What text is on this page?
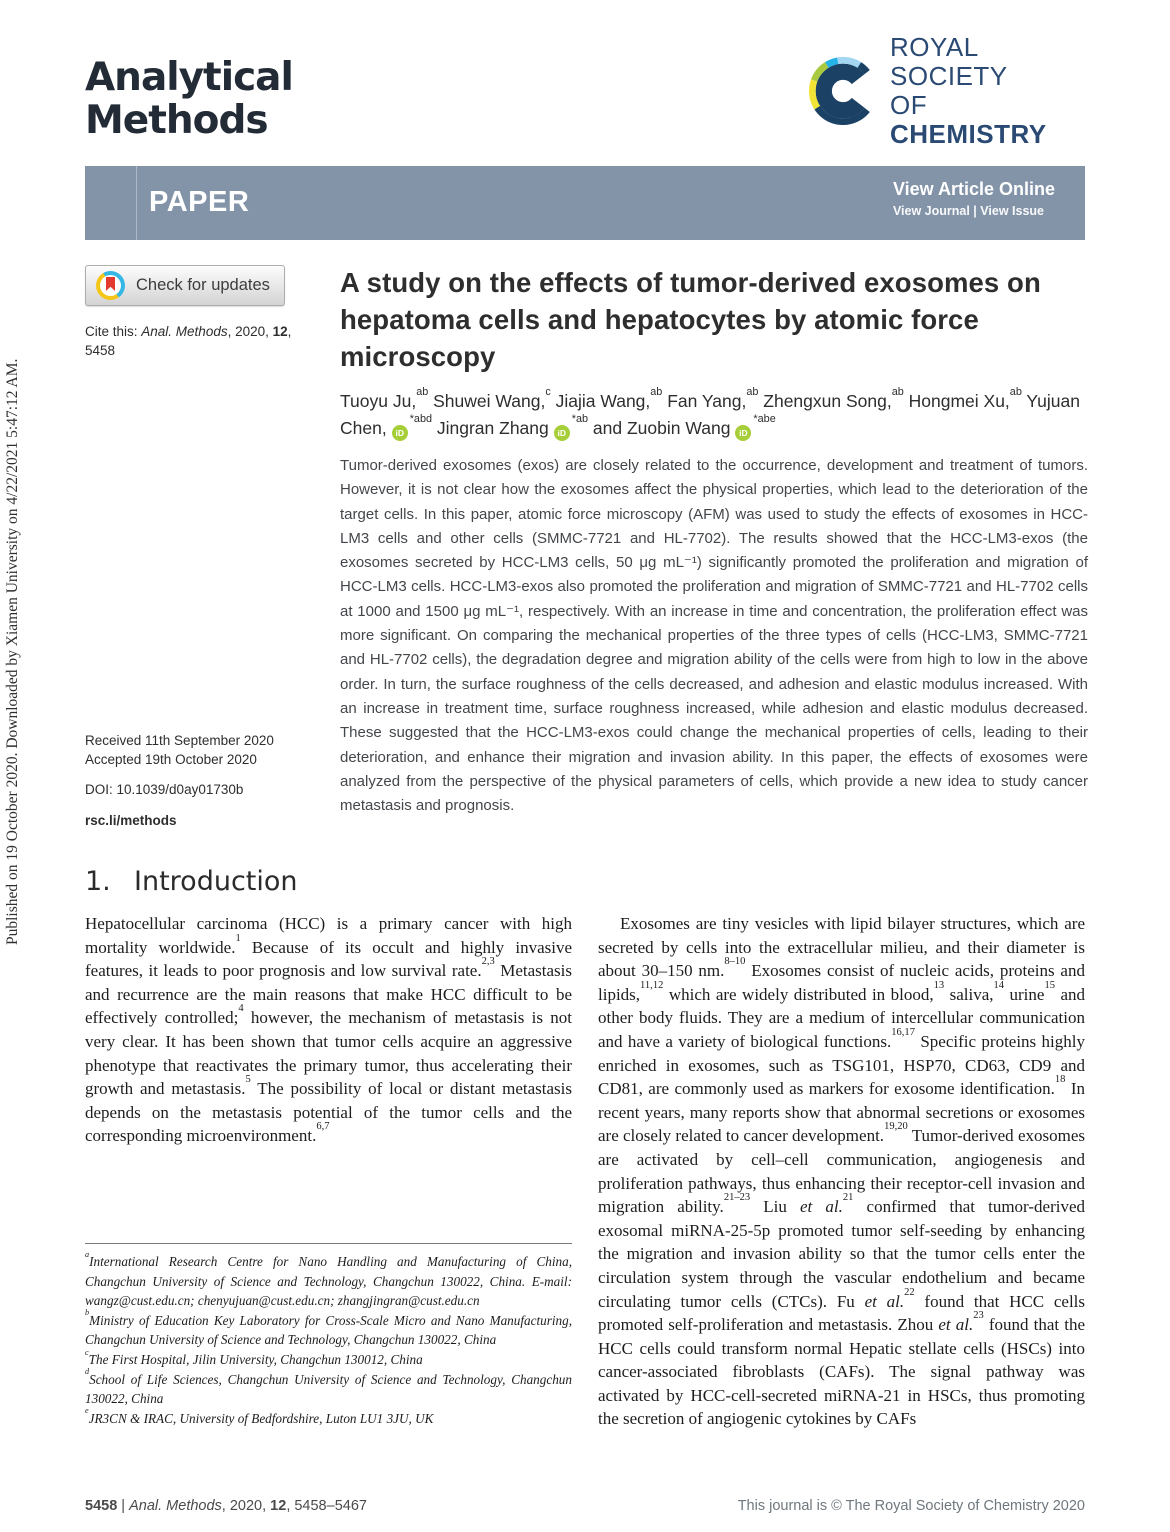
Published on 19 October 2020. Downloaded by Xiamen University on 4/22/2021 5:47:12 AM.
Analytical
Methods
ROYAL SOCIETY
OF CHEMISTRY
PAPER	View Article Online
View Journal | View Issue
Check for updates
Cite this: Anal. Methods, 2020, 12, 5458
A study on the effects of tumor-derived exosomes on hepatoma cells and hepatocytes by atomic force microscopy
Tuoyu Ju,$^{ab}$ Shuwei Wang,$^c$ Jiajia Wang,$^{ab}$ Fan Yang,$^{ab}$ Zhengxun Song,$^{ab}$ Hongmei Xu,$^{ab}$ Yujuan Chen, $iD^{*abd}$ Jingran Zhang $iD^{*ab}$ and Zuobin Wang $iD^{*abe}$
Tumor-derived exosomes (exos) are closely related to the occurrence, development and treatment of tumors. However, it is not clear how the exosomes affect the physical properties, which lead to the deterioration of the target cells. In this paper, atomic force microscopy (AFM) was used to study the effects of exosomes in HCC-LM3 cells and other cells (SMMC-7721 and HL-7702). The results showed that the HCC-LM3-exos (the exosomes secreted by HCC-LM3 cells, 50 μg mL⁻¹) significantly promoted the proliferation and migration of HCC-LM3 cells. HCC-LM3-exos also promoted the proliferation and migration of SMMC-7721 and HL-7702 cells at 1000 and 1500 μg mL⁻¹, respectively. With an increase in time and concentration, the proliferation effect was more significant. On comparing the mechanical properties of the three types of cells (HCC-LM3, SMMC-7721 and HL-7702 cells), the degradation degree and migration ability of the cells were from high to low in the above order. In turn, the surface roughness of the cells decreased, and adhesion and elastic modulus increased. With an increase in treatment time, surface roughness increased, while adhesion and elastic modulus decreased. These suggested that the HCC-LM3-exos could change the mechanical properties of cells, leading to their deterioration, and enhance their migration and invasion ability. In this paper, the effects of exosomes were analyzed from the perspective of the physical parameters of cells, which provide a new idea to study cancer metastasis and prognosis.
Received 11th September 2020
Accepted 19th October 2020
DOI: 10.1039/d0ay01730b
rsc.li/methods
1. Introduction

Hepatocellular carcinoma (HCC) is a primary cancer with high mortality worldwide.$^1$ Because of its occult and highly invasive features, it leads to poor prognosis and low survival rate.$^{2,3}$ Metastasis and recurrence are the main reasons that make HCC difficult to be effectively controlled;$^4$ however, the mechanism of metastasis is not very clear. It has been shown that tumor cells acquire an aggressive phenotype that reactivates the primary tumor, thus accelerating their growth and metastasis.$^5$ The possibility of local or distant metastasis depends on the metastasis potential of the tumor cells and the corresponding microenvironment.$^{6,7}$

Exosomes are tiny vesicles with lipid bilayer structures, which are secreted by cells into the extracellular milieu, and their diameter is about 30–150 nm.$^{8-10}$ Exosomes consist of nucleic acids, proteins and lipids,$^{11,12}$ which are widely distributed in blood,$^{13}$ saliva,$^{14}$ urine$^{15}$ and other body fluids. They are a medium of intercellular communication and have a variety of biological functions.$^{16,17}$ Specific proteins highly enriched in exosomes, such as TSG101, HSP70, CD63, CD9 and CD81, are commonly used as markers for exosome identification.$^{18}$ In recent years, many reports show that abnormal secretions or exosomes are closely related to cancer development.$^{19,20}$ Tumor-derived exosomes are activated by cell–cell communication, angiogenesis and proliferation pathways, thus enhancing their receptor-cell invasion and migration ability.$^{21-23}$ Liu et al.$^{21}$ confirmed that tumor-derived exosomal miRNA-25-5p promoted tumor self-seeding by enhancing the migration and invasion ability so that the tumor cells enter the circulation system through the vascular endothelium and became circulating tumor cells (CTCs). Fu et al.$^{22}$ found that HCC cells promoted self-proliferation and metastasis. Zhou et al.$^{23}$ found that the HCC cells could transform normal Hepatic stellate cells (HSCs) into cancer-associated fibroblasts (CAFs). The signal pathway was activated by HCC-cell-secreted miRNA-21 in HSCs, thus promoting the secretion of angiogenic cytokines by CAFs

$^a$International Research Centre for Nano Handling and Manufacturing of China, Changchun University of Science and Technology, Changchun 130022, China. E-mail: wangz@cust.edu.cn; chenyujuan@cust.edu.cn; zhangjingran@cust.edu.cn
$^b$Ministry of Education Key Laboratory for Cross-Scale Micro and Nano Manufacturing, Changchun University of Science and Technology, Changchun 130022, China
$^c$The First Hospital, Jilin University, Changchun 130012, China
$^d$School of Life Sciences, Changchun University of Science and Technology, Changchun 130022, China
$^e$JR3CN & IRAC, University of Bedfordshire, Luton LU1 3JU, UK
5458 | Anal. Methods, 2020, 12, 5458–5467	This journal is © The Royal Society of Chemistry 2020
